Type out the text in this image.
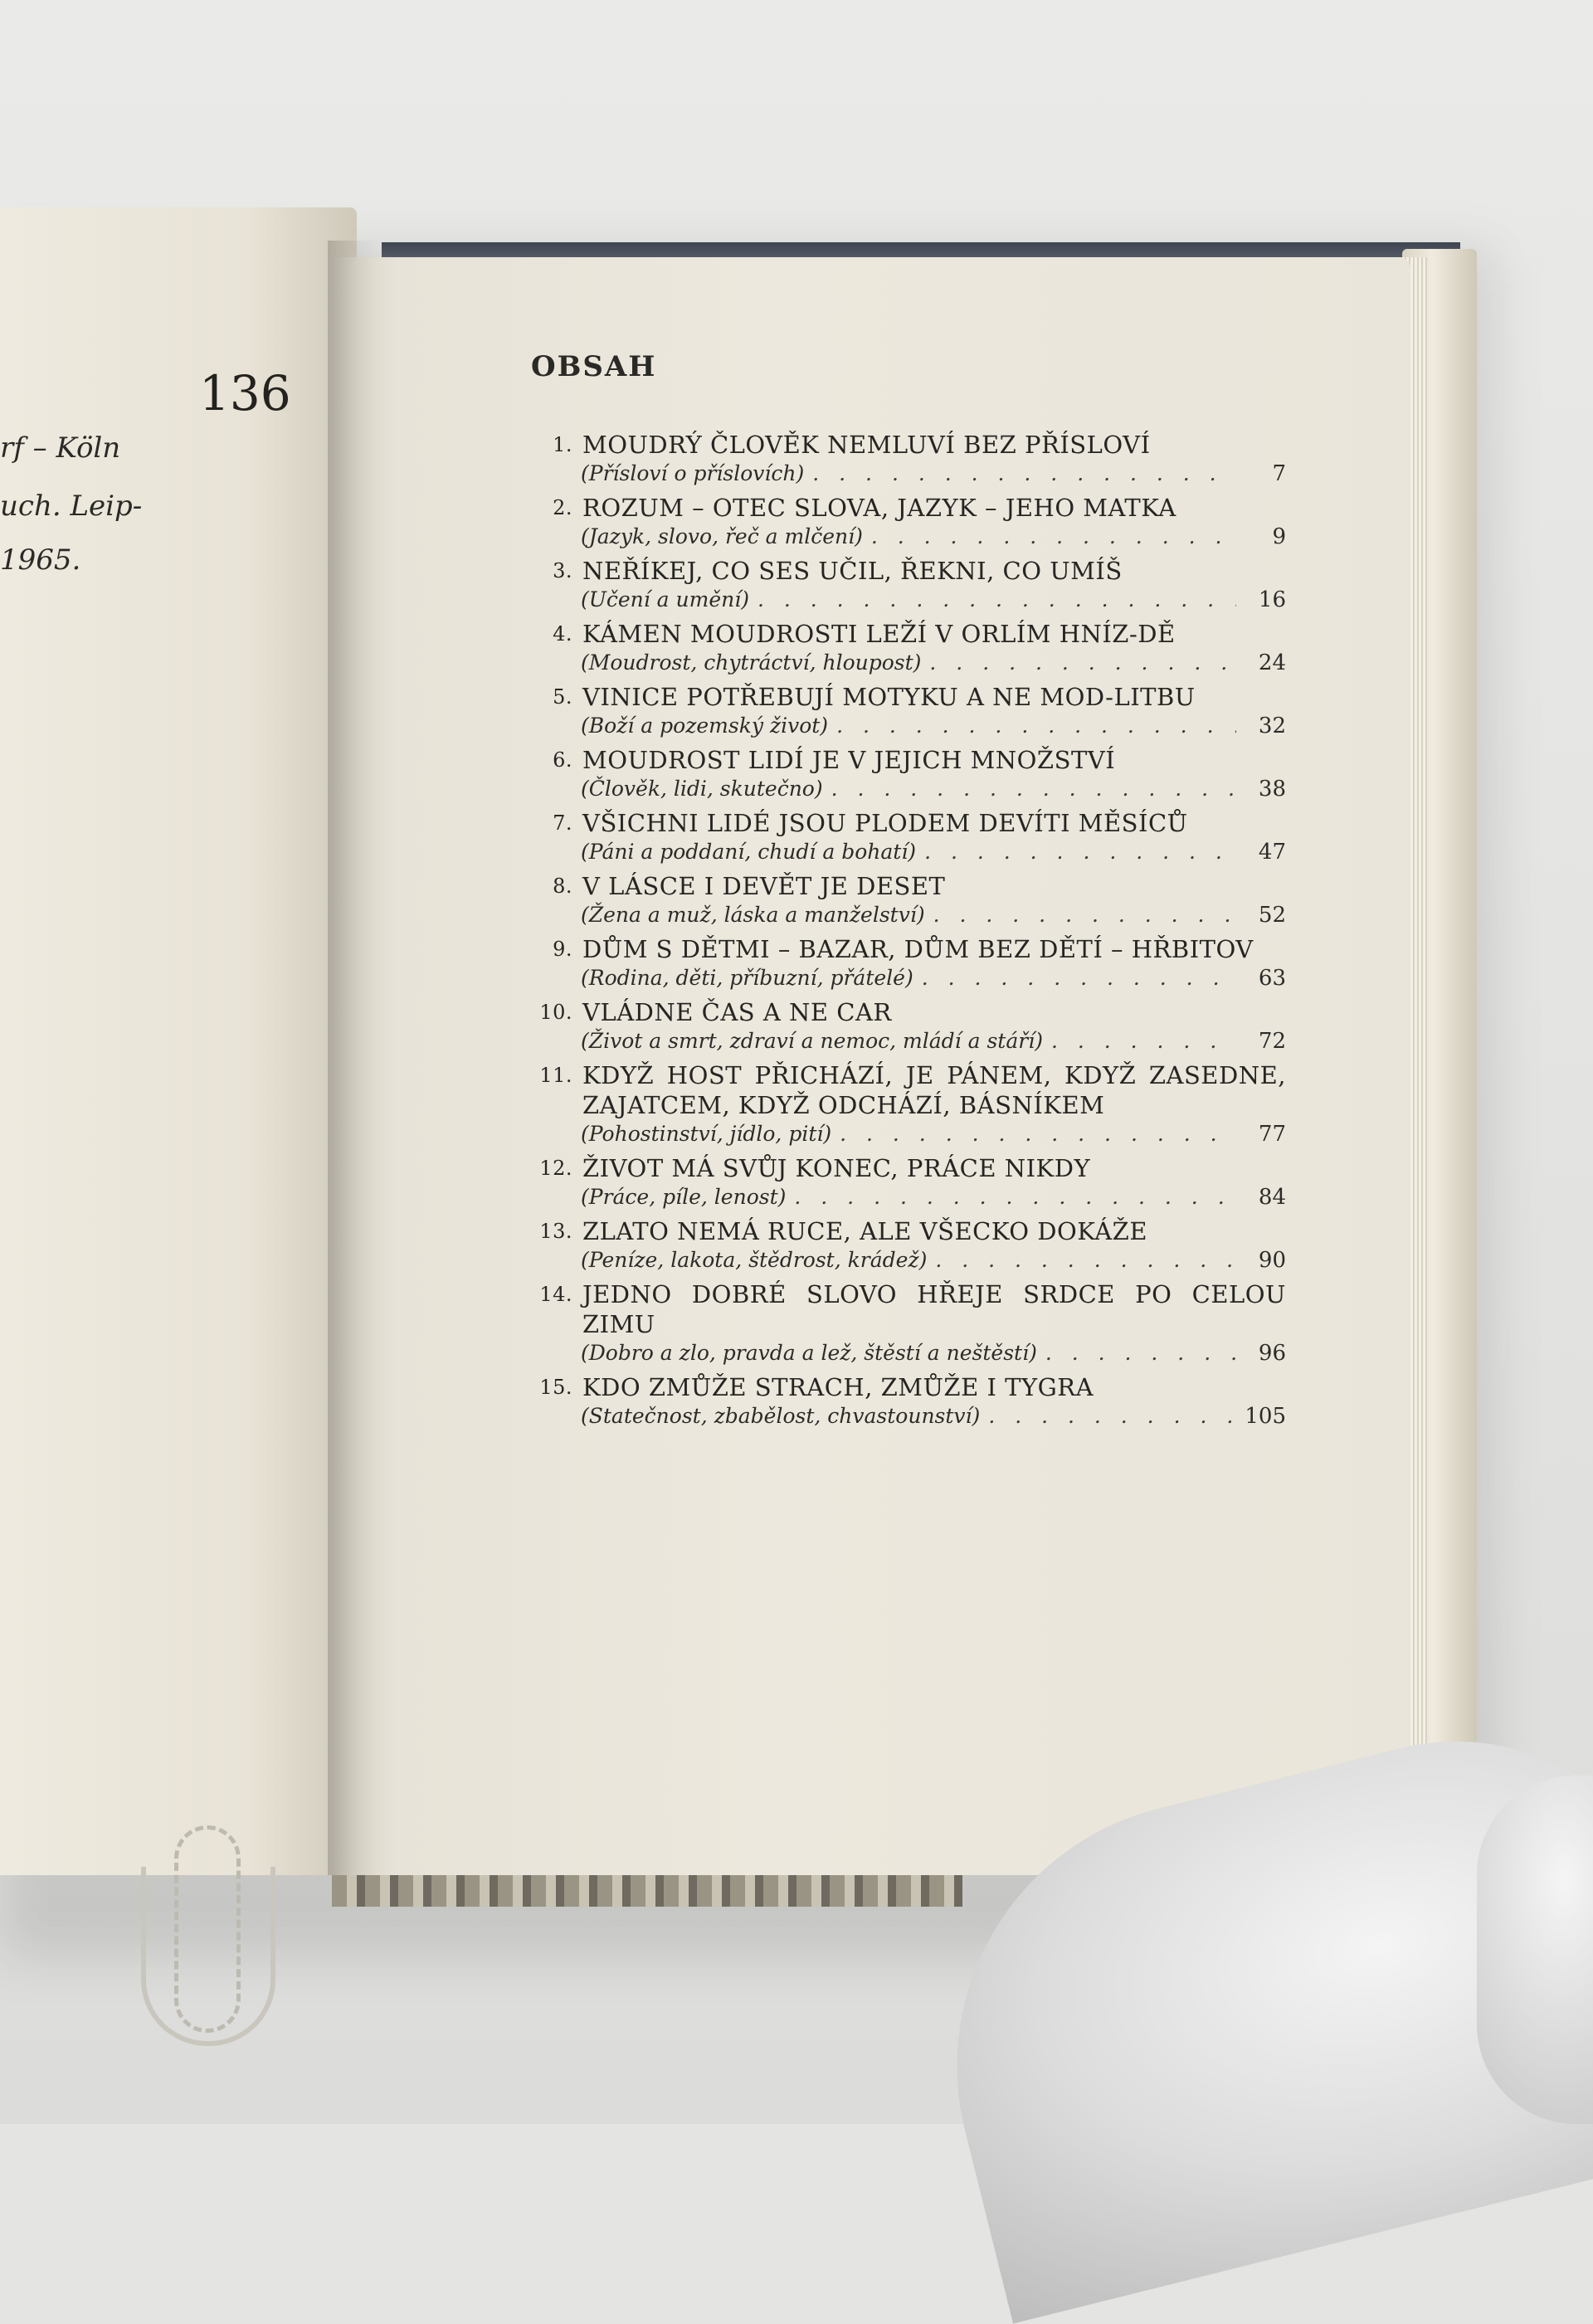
136
rf – Köln
uch. Leip-
1965.
OBSAH
1. MOUDRÝ ČLOVĚK NEMLUVÍ BEZ PŘÍSLOVÍ
(Přísloví o příslovích) . . .	7
2. ROZUM – OTEC SLOVA, JAZYK – JEHO MATKA
(Jazyk, slovo, řeč a mlčení) . . .	9
3. NEŘÍKEJ, CO SES UČIL, ŘEKNI, CO UMÍŠ
(Učení a umění) . . .	16
4. KÁMEN MOUDROSTI LEŽÍ V ORLÍM HNÍZ-DĚ
(Moudrost, chytráctví, hloupost) . . .	24
5. VINICE POTŘEBUJÍ MOTYKU A NE MOD-LITBU
(Boží a pozemský život) . . .	32
6. MOUDROST LIDÍ JE V JEJICH MNOŽSTVÍ
(Člověk, lidi, skutečno) . . .	38
7. VŠICHNI LIDÉ JSOU PLODEM DEVÍTI MĚSÍCŮ
(Páni a poddaní, chudí a bohatí) . . .	47
8. V LÁSCE I DEVĚT JE DESET
(Žena a muž, láska a manželství) . . .	52
9. DŮM S DĚTMI – BAZAR, DŮM BEZ DĚTÍ – HŘBITOV
(Rodina, děti, příbuzní, přátelé) . . .	63
10. VLÁDNE ČAS A NE CAR
(Život a smrt, zdraví a nemoc, mládí a stáří) . . .	72
11. KDYŽ HOST PŘICHÁZÍ, JE PÁNEM, KDYŽ ZASEDNE, ZAJATCEM, KDYŽ ODCHÁZÍ, BÁSNÍKEM
(Pohostinství, jídlo, pití) . . .	77
12. ŽIVOT MÁ SVŮJ KONEC, PRÁCE NIKDY
(Práce, píle, lenost) . . .	84
13. ZLATO NEMÁ RUCE, ALE VŠECKO DOKÁŽE
(Peníze, lakota, štědrost, krádež) . . .	90
14. JEDNO DOBRÉ SLOVO HŘEJE SRDCE PO CELOU ZIMU
(Dobro a zlo, pravda a lež, štěstí a neštěstí) . . .	96
15. KDO ZMŮŽE STRACH, ZMŮŽE I TYGRA
(Statečnost, zbabělost, chvastounství) . . .	105
